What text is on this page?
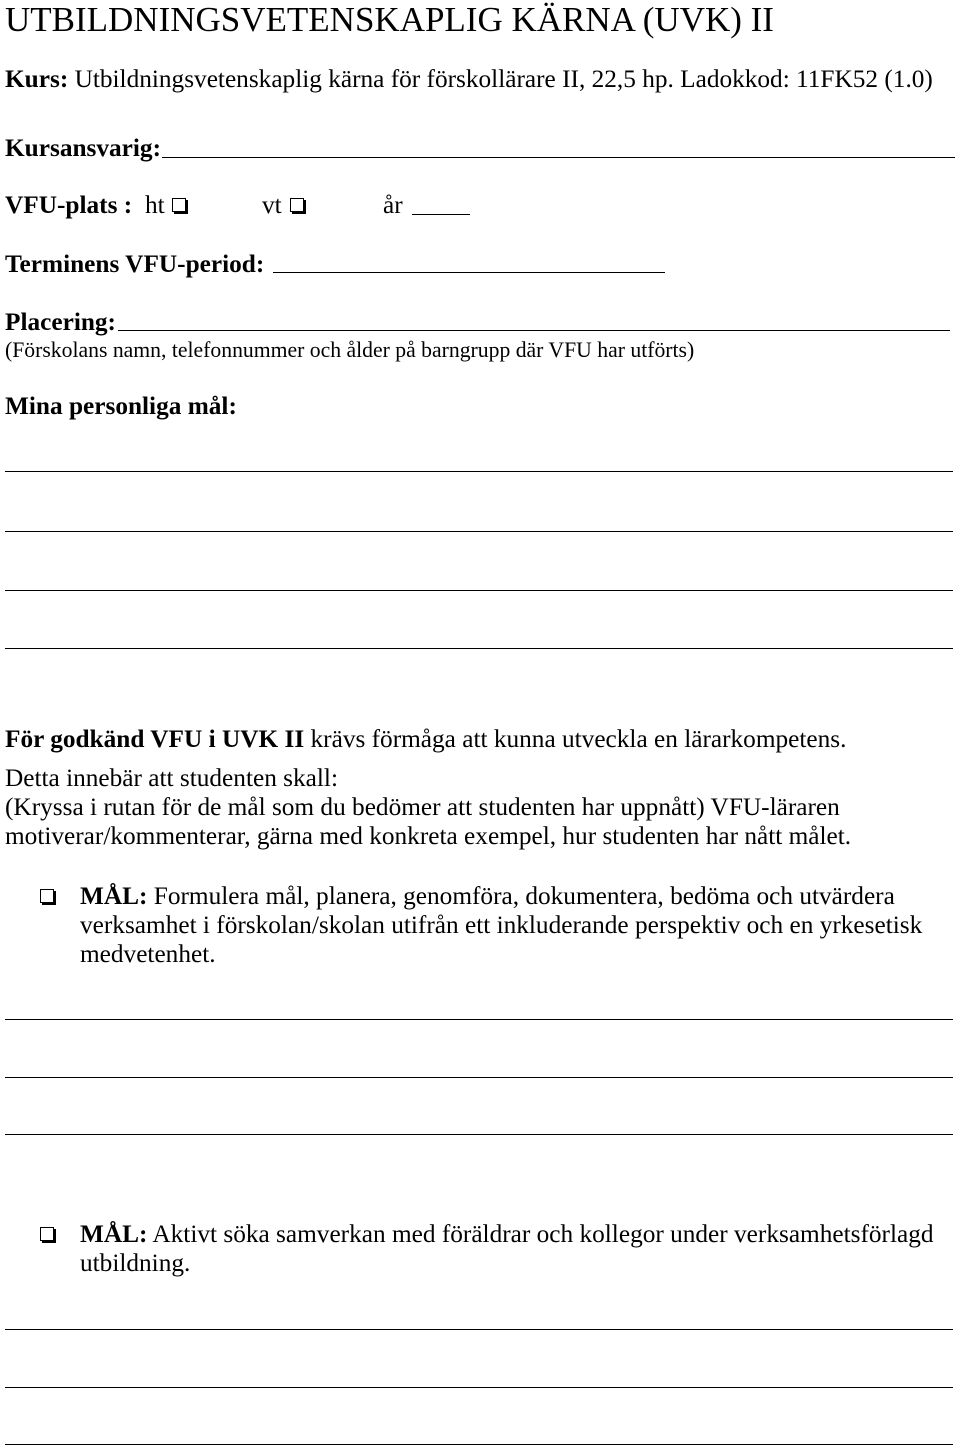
UTBILDNINGSVETENSKAPLIG KÄRNA (UVK) II
Kurs: Utbildningsvetenskaplig kärna för förskollärare II, 22,5 hp. Ladokkod: 11FK52 (1.0)
Kursansvarig:
VFU-plats : ht	vt	år
Terminens VFU-period:
Placering:
(Förskolans namn, telefonnummer och ålder på barngrupp där VFU har utförts)
Mina personliga mål:
För godkänd VFU i UVK II krävs förmåga att kunna utveckla en lärarkompetens.
Detta innebär att studenten skall:
(Kryssa i rutan för de mål som du bedömer att studenten har uppnått) VFU-läraren
motiverar/kommenterar, gärna med konkreta exempel, hur studenten har nått målet.
MÅL: Formulera mål, planera, genomföra, dokumentera, bedöma och utvärdera
verksamhet i förskolan/skolan utifrån ett inkluderande perspektiv och en yrkesetisk
medvetenhet.
MÅL: Aktivt söka samverkan med föräldrar och kollegor under verksamhetsförlagd
utbildning.
